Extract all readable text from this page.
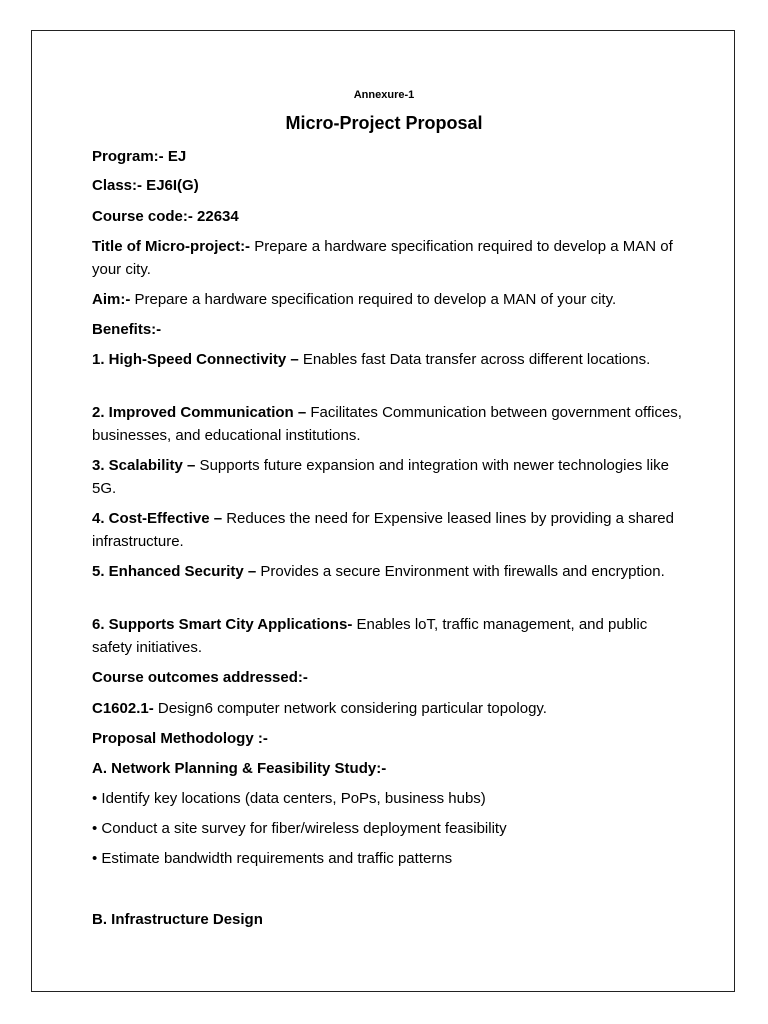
Annexure-1
Micro-Project Proposal
Program:- EJ
Class:- EJ6I(G)
Course code:- 22634
Title of Micro-project:- Prepare a hardware specification required to develop a MAN of your city.
Aim:- Prepare a hardware specification required to develop a MAN of your city.
Benefits:-
1. High-Speed Connectivity – Enables fast Data transfer across different locations.
2. Improved Communication – Facilitates Communication between government offices, businesses, and educational institutions.
3. Scalability – Supports future expansion and integration with newer technologies like 5G.
4. Cost-Effective – Reduces the need for Expensive leased lines by providing a shared infrastructure.
5. Enhanced Security – Provides a secure Environment with firewalls and encryption.
6. Supports Smart City Applications- Enables loT, traffic management, and public safety initiatives.
Course outcomes addressed:-
C1602.1- Design6 computer network considering particular topology.
Proposal Methodology :-
A. Network Planning & Feasibility Study:-
• Identify key locations (data centers, PoPs, business hubs)
• Conduct a site survey for fiber/wireless deployment feasibility
• Estimate bandwidth requirements and traffic patterns
B. Infrastructure Design
